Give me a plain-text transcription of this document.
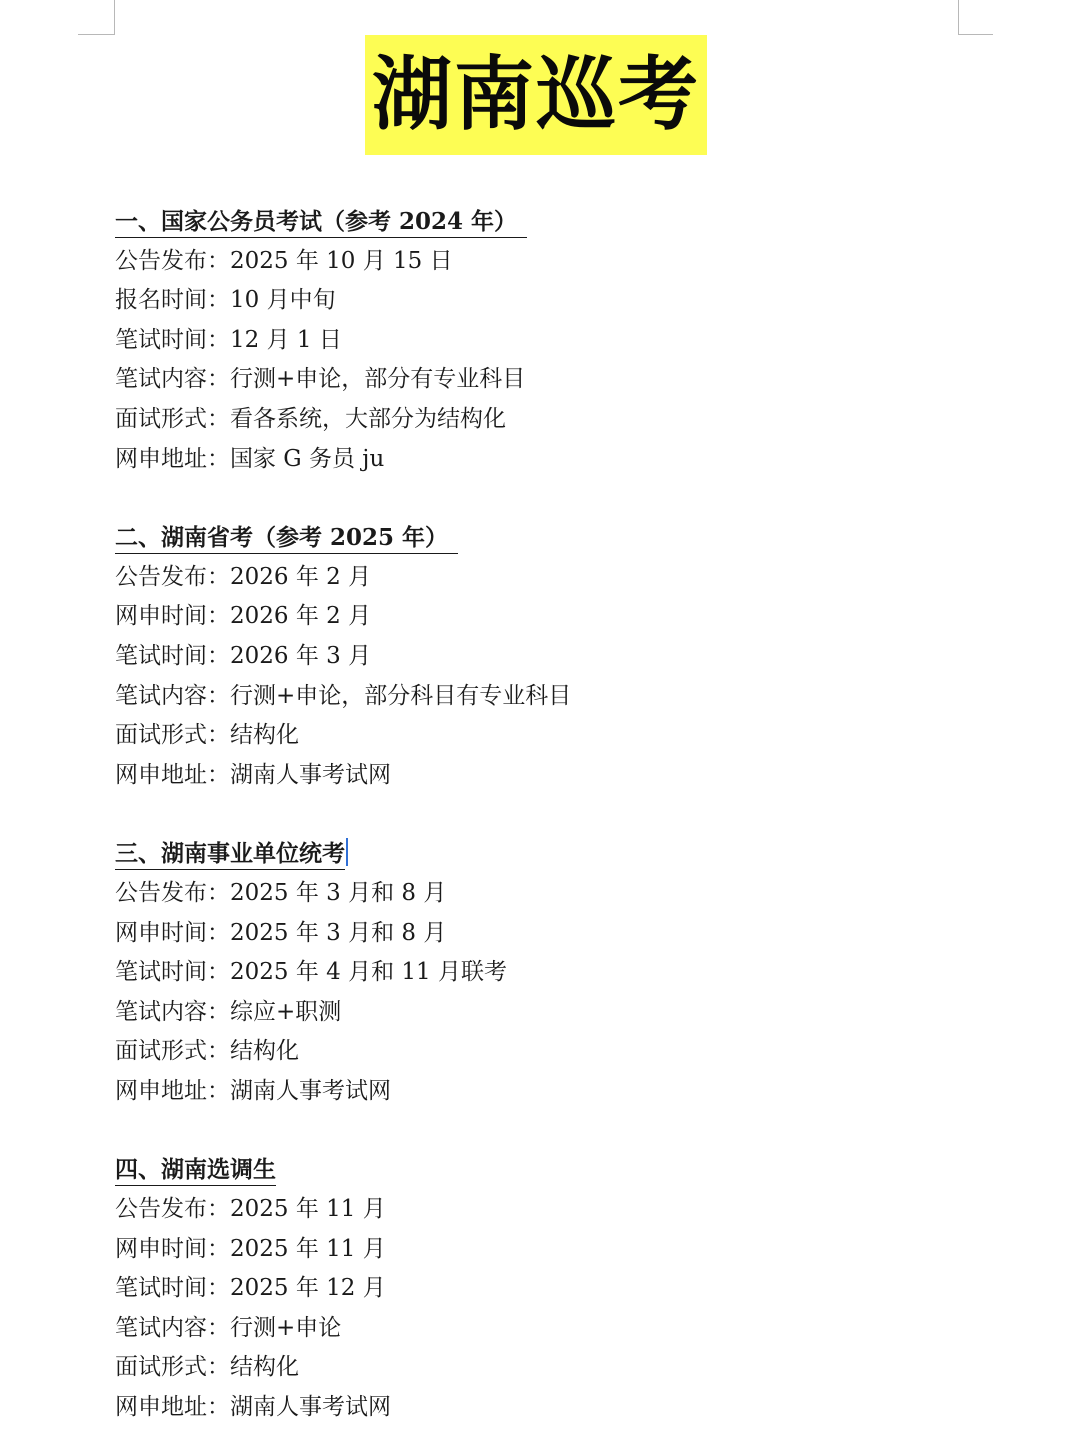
湖南巡考
一、国家公务员考试（参考 2024 年）
公告发布：2025 年 10 月 15 日
报名时间：10 月中旬
笔试时间：12 月 1 日
笔试内容：行测+申论，部分有专业科目
面试形式：看各系统，大部分为结构化
网申地址：国家 G 务员 ju
二、湖南省考（参考 2025 年）
公告发布：2026 年 2 月
网申时间：2026 年 2 月
笔试时间：2026 年 3 月
笔试内容：行测+申论，部分科目有专业科目
面试形式：结构化
网申地址：湖南人事考试网
三、湖南事业单位统考
公告发布：2025 年 3 月和 8 月
网申时间：2025 年 3 月和 8 月
笔试时间：2025 年 4 月和 11 月联考
笔试内容：综应+职测
面试形式：结构化
网申地址：湖南人事考试网
四、湖南选调生
公告发布：2025 年 11 月
网申时间：2025 年 11 月
笔试时间：2025 年 12 月
笔试内容：行测+申论
面试形式：结构化
网申地址：湖南人事考试网
